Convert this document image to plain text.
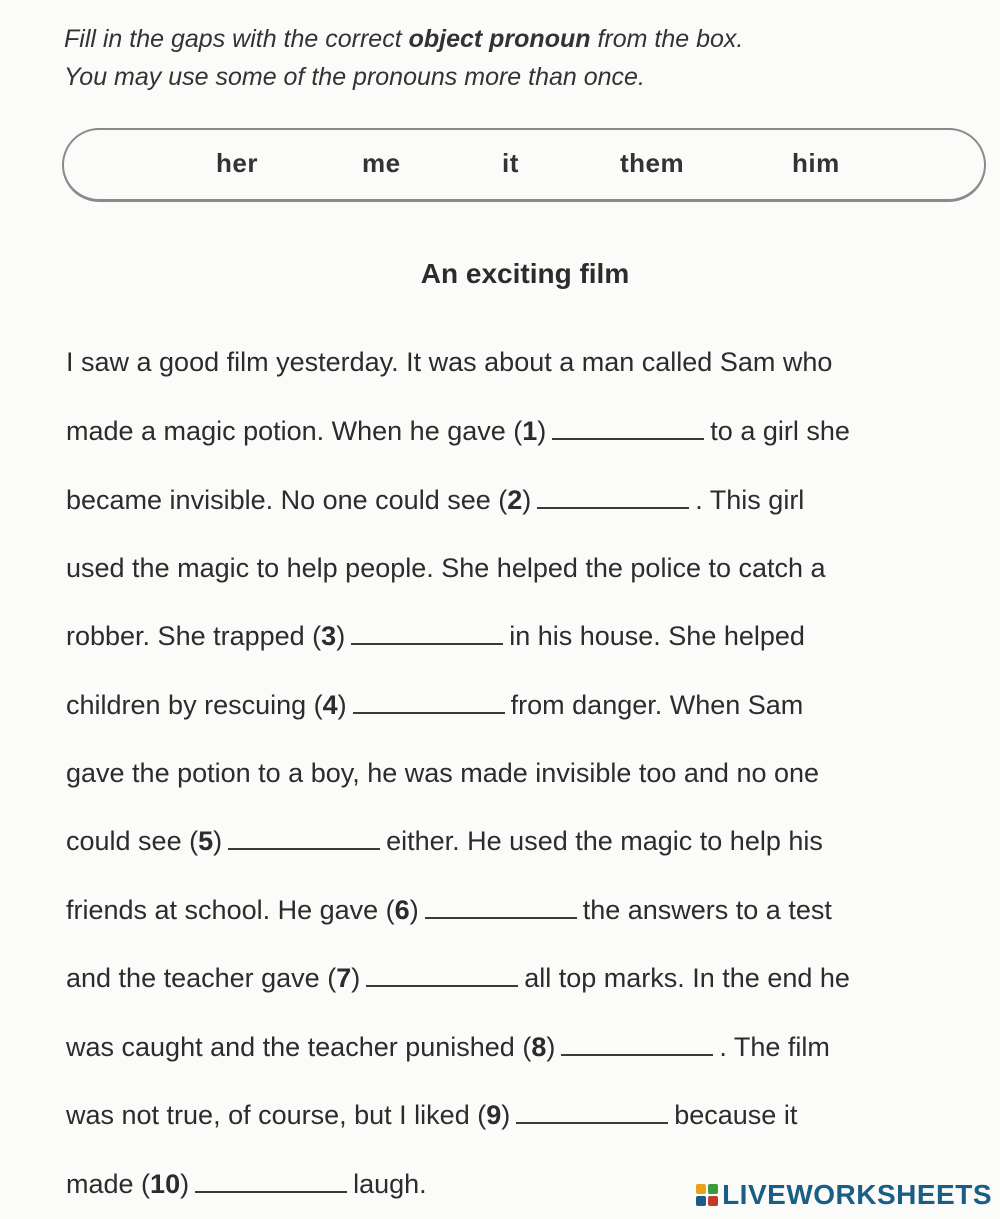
Fill in the gaps with the correct object pronoun from the box.
You may use some of the pronouns more than once.
her	me	it	them	him
An exciting film
I saw a good film yesterday. It was about a man called Sam who
made a magic potion. When he gave (1)	to a girl she
became invisible. No one could see (2)	. This girl
used the magic to help people. She helped the police to catch a
robber. She trapped (3)	in his house. She helped
children by rescuing (4)	from danger. When Sam
gave the potion to a boy, he was made invisible too and no one
could see (5)	either. He used the magic to help his
friends at school. He gave (6)	the answers to a test
and the teacher gave (7)	all top marks. In the end he
was caught and the teacher punished (8)	. The film
was not true, of course, but I liked (9)	because it
made (10)	laugh.	LIVEWORKSHEETS
